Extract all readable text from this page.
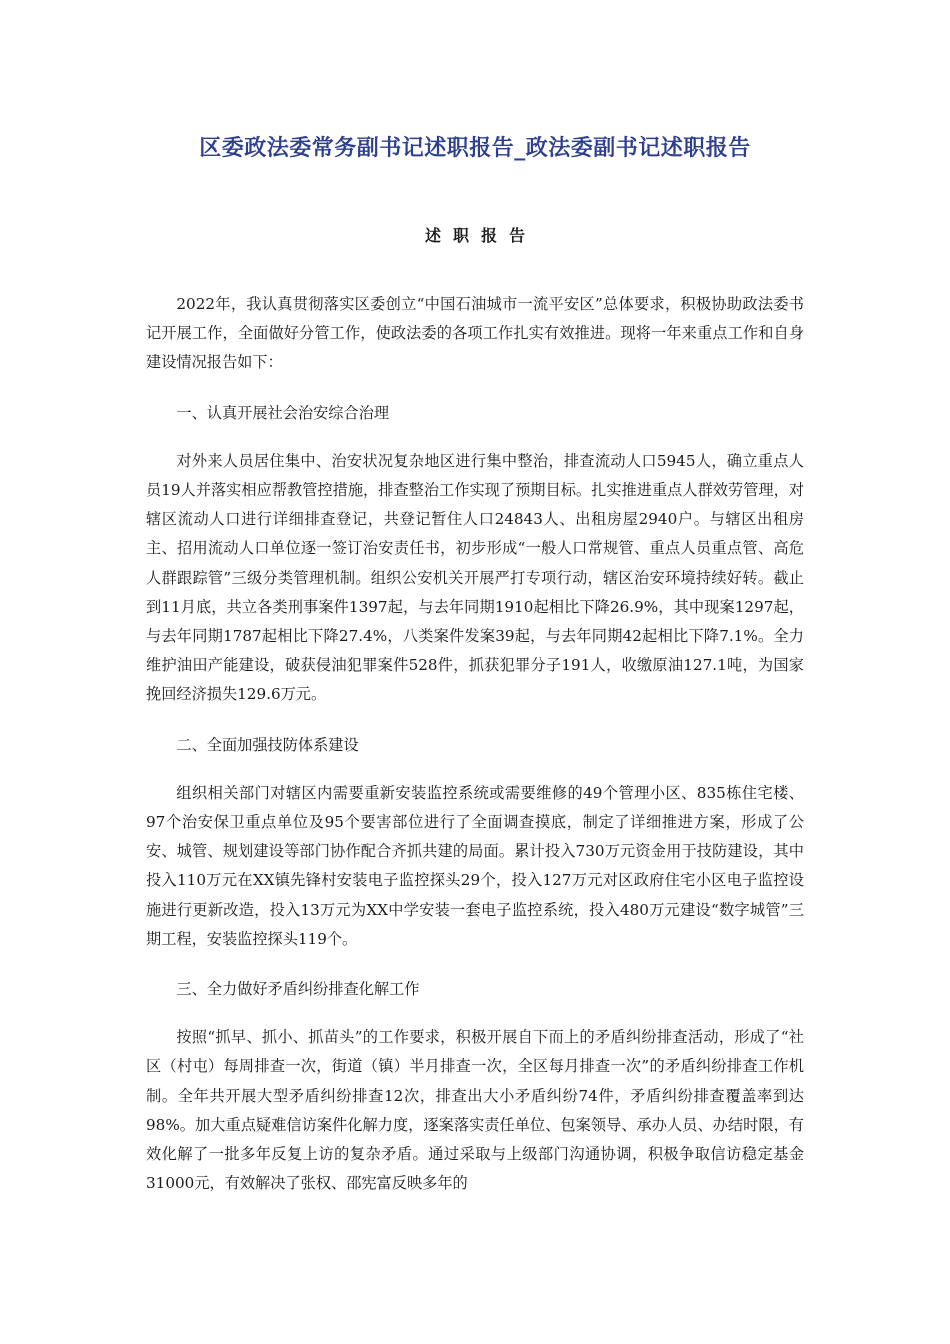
区委政法委常务副书记述职报告_政法委副书记述职报告
述职报告

2022年，我认真贯彻落实区委创立“中国石油城市一流平安区”总体要求，积极协助政法委书记开展工作，全面做好分管工作，使政法委的各项工作扎实有效推进。现将一年来重点工作和自身建设情况报告如下：

一、认真开展社会治安综合治理

对外来人员居住集中、治安状况复杂地区进行集中整治，排查流动人口5945人，确立重点人员19人并落实相应帮教管控措施，排查整治工作实现了预期目标。扎实推进重点人群效劳管理，对辖区流动人口进行详细排查登记，共登记暂住人口24843人、出租房屋2940户。与辖区出租房主、招用流动人口单位逐一签订治安责任书，初步形成“一般人口常规管、重点人员重点管、高危人群跟踪管”三级分类管理机制。组织公安机关开展严打专项行动，辖区治安环境持续好转。截止到11月底，共立各类刑事案件1397起，与去年同期1910起相比下降26.9%，其中现案1297起，与去年同期1787起相比下降27.4%，八类案件发案39起，与去年同期42起相比下降7.1%。全力维护油田产能建设，破获侵油犯罪案件528件，抓获犯罪分子191人，收缴原油127.1吨，为国家挽回经济损失129.6万元。

二、全面加强技防体系建设

组织相关部门对辖区内需要重新安装监控系统或需要维修的49个管理小区、835栋住宅楼、97个治安保卫重点单位及95个要害部位进行了全面调查摸底，制定了详细推进方案，形成了公安、城管、规划建设等部门协作配合齐抓共建的局面。累计投入730万元资金用于技防建设，其中投入110万元在XX镇先锋村安装电子监控探头29个，投入127万元对区政府住宅小区电子监控设施进行更新改造，投入13万元为XX中学安装一套电子监控系统，投入480万元建设“数字城管”三期工程，安装监控探头119个。

三、全力做好矛盾纠纷排查化解工作

按照“抓早、抓小、抓苗头”的工作要求，积极开展自下而上的矛盾纠纷排查活动，形成了“社区（村屯）每周排查一次，街道（镇）半月排查一次，全区每月排查一次”的矛盾纠纷排查工作机制。全年共开展大型矛盾纠纷排查12次，排查出大小矛盾纠纷74件，矛盾纠纷排查覆盖率到达98%。加大重点疑难信访案件化解力度，逐案落实责任单位、包案领导、承办人员、办结时限，有效化解了一批多年反复上访的复杂矛盾。通过采取与上级部门沟通协调，积极争取信访稳定基金31000元，有效解决了张权、邵宪富反映多年的
